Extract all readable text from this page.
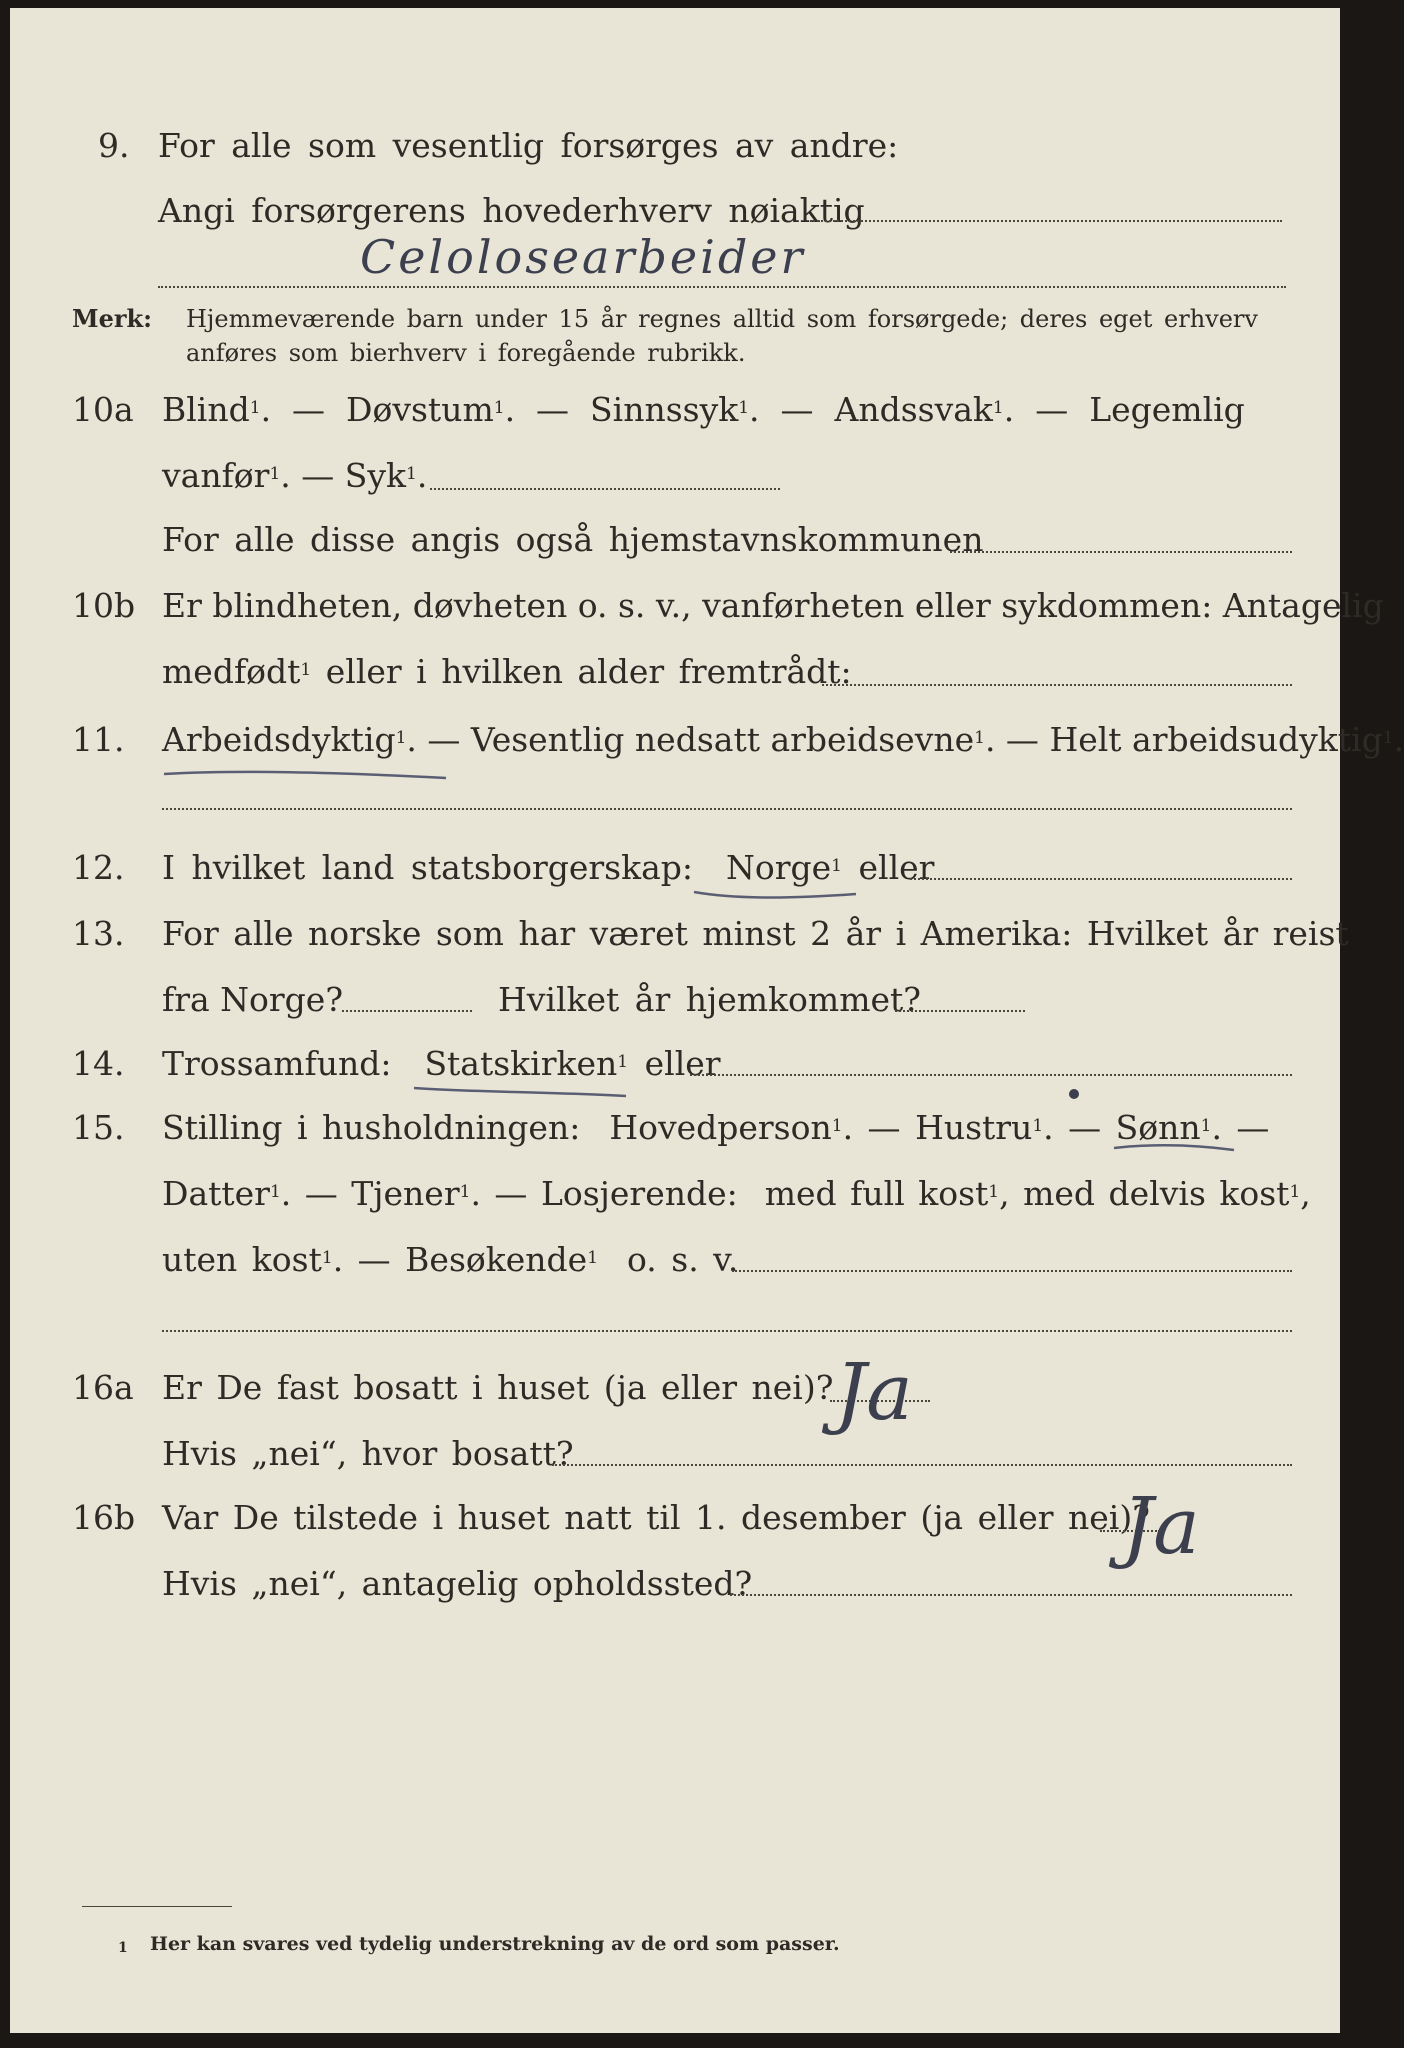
9. For alle som vesentlig forsørges av andre:
Angi forsørgerens hovederhverv nøiaktig
Celolosearbeider
Merk: Hjemmeværende barn under 15 år regnes alltid som forsørgede; deres eget erhverv
anføres som bierhverv i foregående rubrikk.
10a Blind$^1$.  —  Døvstum$^1$.  —  Sinnssyk$^1$.  —  Andssvak$^1$.  —  Legemlig
vanfør$^1$. — Syk$^1$.
For alle disse angis også hjemstavnskommunen
10b Er blindheten, døvheten o. s. v., vanførheten eller sykdommen: Antagelig
medfødt$^1$ eller i hvilken alder fremtrådt:
11. Arbeidsdyktig$^1$. — Vesentlig nedsatt arbeidsevne$^1$. — Helt arbeidsudyktig$^1$.
12. I hvilket land statsborgerskap: Norge$^1$ eller
13. For alle norske som har været minst 2 år i Amerika: Hvilket år reist
fra Norge?	Hvilket år hjemkommet?
14. Trossamfund: Statskirken$^1$ eller
15. Stilling i husholdningen: Hovedperson$^1$. — Hustru$^1$. — Sønn$^1$. —
Datter$^1$. — Tjener$^1$. — Losjerende: med full kost$^1$, med delvis kost$^1$,
uten kost$^1$. — Besøkende$^1$ o. s. v.
16a Er De fast bosatt i huset (ja eller nei)? Ja
Hvis „nei“, hvor bosatt?
16b Var De tilstede i huset natt til 1. desember (ja eller nei)?
Ja
Hvis „nei“, antagelig opholdssted?
1 Her kan svares ved tydelig understrekning av de ord som passer.
